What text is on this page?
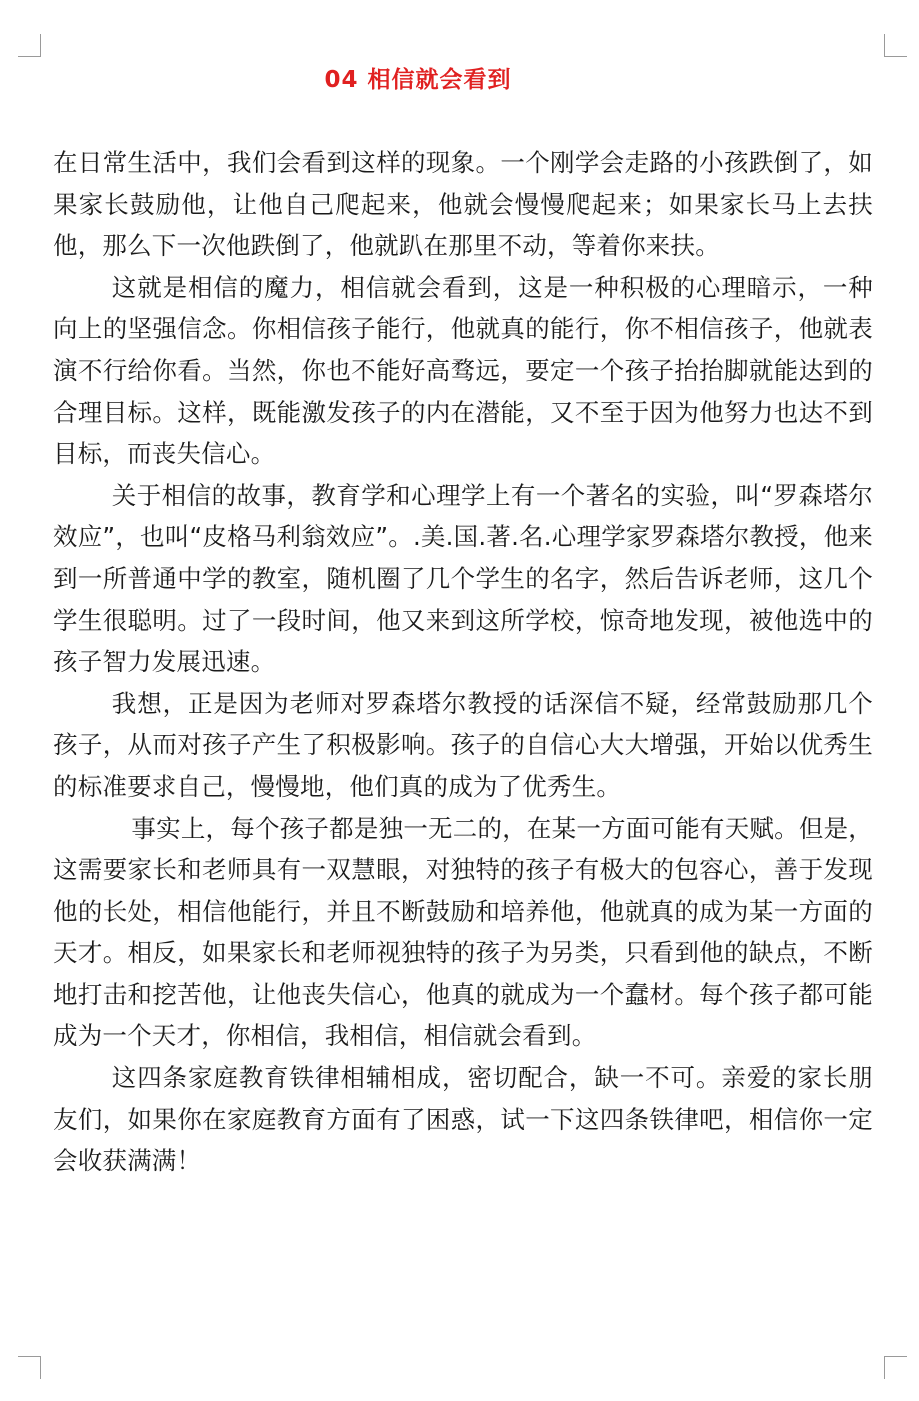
04 相信就会看到

在日常生活中，我们会看到这样的现象。一个刚学会走路的小孩跌倒了，如果家长鼓励他，让他自己爬起来，他就会慢慢爬起来；如果家长马上去扶他，那么下一次他跌倒了，他就趴在那里不动，等着你来扶。

这就是相信的魔力，相信就会看到，这是一种积极的心理暗示，一种向上的坚强信念。你相信孩子能行，他就真的能行，你不相信孩子，他就表演不行给你看。当然，你也不能好高骛远，要定一个孩子抬抬脚就能达到的合理目标。这样，既能激发孩子的内在潜能，又不至于因为他努力也达不到目标，而丧失信心。

关于相信的故事，教育学和心理学上有一个著名的实验，叫“罗森塔尔效应”，也叫“皮格马利翁效应”。.美.国.著.名.心理学家罗森塔尔教授，他来到一所普通中学的教室，随机圈了几个学生的名字，然后告诉老师，这几个学生很聪明。过了一段时间，他又来到这所学校，惊奇地发现，被他选中的孩子智力发展迅速。

我想，正是因为老师对罗森塔尔教授的话深信不疑，经常鼓励那几个孩子，从而对孩子产生了积极影响。孩子的自信心大大增强，开始以优秀生的标准要求自己，慢慢地，他们真的成为了优秀生。

事实上，每个孩子都是独一无二的，在某一方面可能有天赋。但是，这需要家长和老师具有一双慧眼，对独特的孩子有极大的包容心，善于发现他的长处，相信他能行，并且不断鼓励和培养他，他就真的成为某一方面的天才。相反，如果家长和老师视独特的孩子为另类，只看到他的缺点，不断地打击和挖苦他，让他丧失信心，他真的就成为一个蠢材。每个孩子都可能成为一个天才，你相信，我相信，相信就会看到。

这四条家庭教育铁律相辅相成，密切配合，缺一不可。亲爱的家长朋友们，如果你在家庭教育方面有了困惑，试一下这四条铁律吧，相信你一定会收获满满！
